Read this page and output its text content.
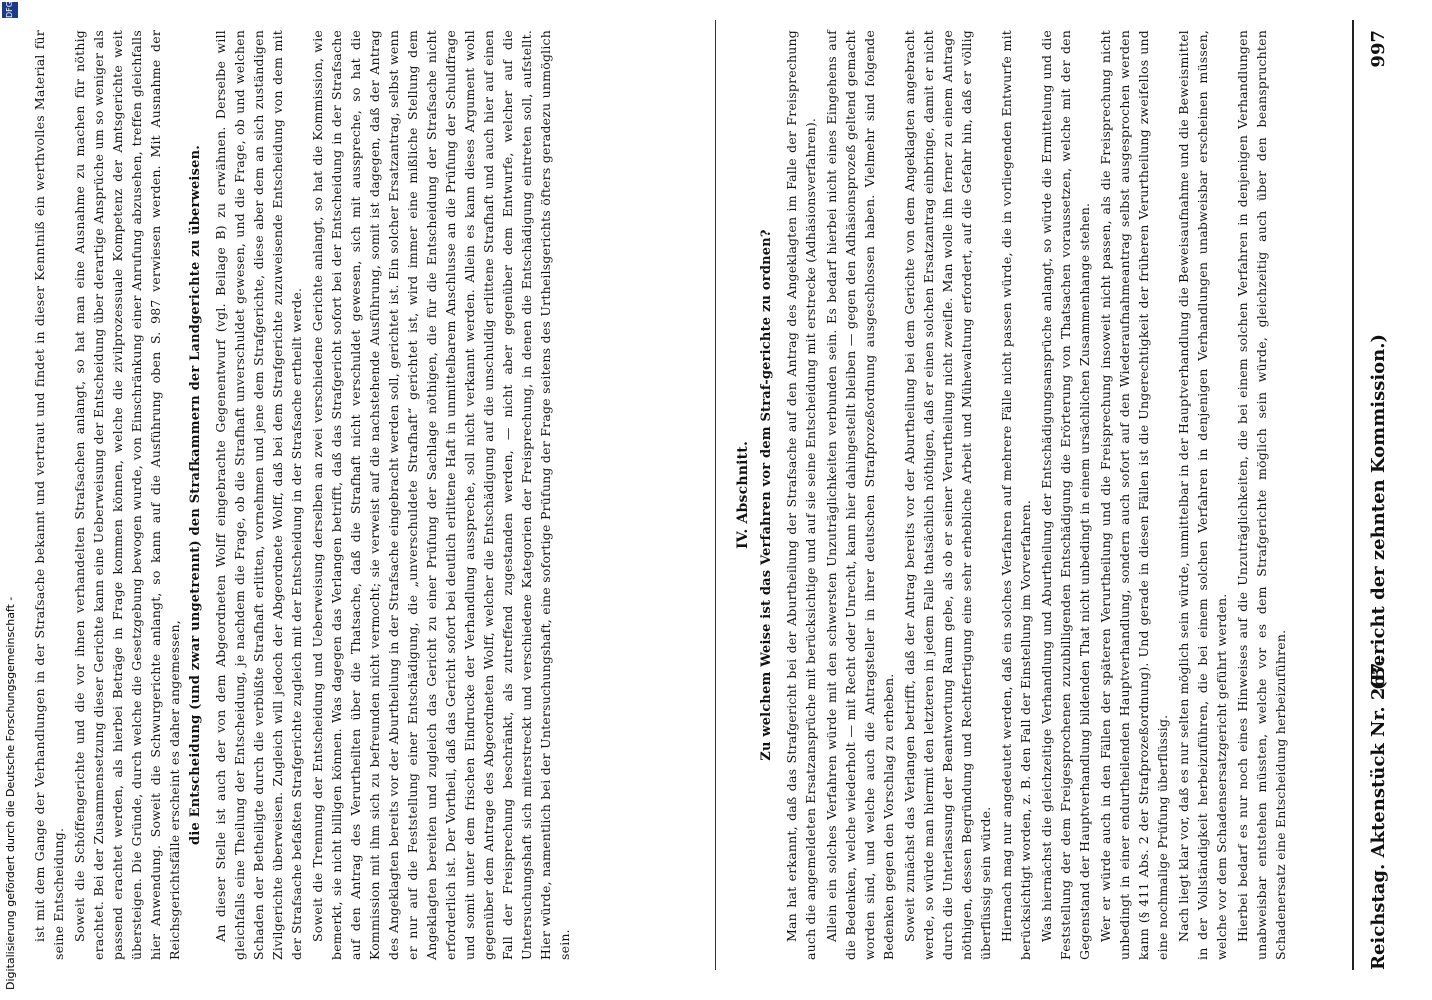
Digitalisierung gefördert durch die Deutsche Forschungsgemeinschaft -
DFG
Reichstag. Aktenstück Nr. 267.
(Bericht der zehnten Kommission.)
997

IV. Abschnitt. Zu welchem Weise ist das Verfahren vor dem Straf-gerichte zu ordnen? Man hat erkannt, daß das Strafgericht bei der Aburtheilung der Strafsache auf den Antrag des Angeklagten im Falle der Freisprechung auch die angemeldeten Ersatzansprüche mit berücksichtige und auf sie seine Entscheidung mit erstrecke (Adhäsionsverfahren). Allein ein solches Verfahren würde mit den schwersten Unzuträglichkeiten verbunden sein. Es bedarf hierbei nicht eines Eingehens auf die Bedenken, welche wiederholt — mit Recht oder Unrecht, kann hier dahingestellt bleiben — gegen den Adhäsionsprozeß geltend gemacht worden sind, und welche auch die Antragsteller in ihrer deutschen Strafprozeßordnung ausgeschlossen haben. Vielmehr sind folgende Bedenken gegen den Vorschlag zu erheben. Soweit zunächst das Verlangen betrifft, daß der Antrag bereits vor der Aburtheilung bei dem Gerichte von dem Angeklagten angebracht werde, so würde man hiermit den letzteren in jedem Falle thatsächlich nöthigen, daß er einen solchen Ersatzantrag einbringe, damit er nicht durch die Unterlassung der Beantwortung Raum gebe, als ob er seiner Verurtheilung nicht zweifle. Man wolle ihn ferner zu einem Antrage nöthigen, dessen Begründung und Rechtfertigung eine sehr erhebliche Arbeit und Mühewaltung erfordert, auf die Gefahr hin, daß er völlig überflüssig sein würde. Hiernach mag nur angedeutet werden, daß ein solches Verfahren auf mehrere Fälle nicht passen würde, die in vorliegenden Entwurfe mit berücksichtigt worden, z. B. den Fall der Einstellung im Vorverfahren. Was hiernächst die gleichzeitige Verhandlung und Aburtheilung der Entschädigungsansprüche anlangt, so würde die Ermittelung und die Feststellung der dem Freigesprochenen zuzubilligenden Entschädigung die Erörterung von Thatsachen voraussetzen, welche mit der den Gegenstand der Hauptverhandlung bildenden That nicht unbedingt in einem ursächlichen Zusammenhange stehen. Wer er würde auch in den Fällen der späteren Verurtheilung und die Freisprechung insoweit nicht passen, als die Freisprechung nicht unbedingt in einer endurtheilenden Hauptverhandlung, sondern auch sofort auf den Wiederaufnahmeantrag selbst ausgesprochen werden kann (§ 411 Abs. 2 der Strafprozeßordnung). Und gerade in diesen Fällen ist die Ungerechtigkeit der früheren Verurtheilung zweifellos und eine nochmalige Prüfung überflüssig. Nach liegt klar vor, daß es nur selten möglich sein würde, unmittelbar in der Hauptverhandlung die Beweisaufnahme und die Beweismittel in der Vollständigkeit herbeizuführen, die bei einem solchen Verfahren in denjenigen Verhandlungen unabweisbar erscheinen müssen, welche vor dem Schadensersatzgericht geführt werden. Hierbei bedarf es nur noch eines Hinweises auf die Unzuträglichkeiten, die bei einem solchen Verfahren in denjenigen Verhandlungen unabweisbar entstehen müssten, welche vor es dem Strafgerichte möglich sein würde, gleichzeitig auch über den beanspruchten Schadenersatz eine Entscheidung herbeizuführen.

ist mit dem Gange der Verhandlungen in der Strafsache bekannt und vertraut und findet in dieser Kenntniß ein werthvolles Material für seine Entscheidung. Soweit die Schöffengerichte und die vor ihnen verhandelten Strafsachen anlangt, so hat man eine Ausnahme zu machen für nöthig erachtet. Bei der Zusammensetzung dieser Gerichte kann eine Ueberweisung der Entscheidung über derartige Ansprüche um so weniger als passend erachtet werden, als hierbei Beträge in Frage kommen können, welche die zivilprozessuale Kompetenz der Amtsgerichte weit übersteigen. Die Gründe, durch welche die Gesetzgebung bewogen wurde, von Einschränkung einer Anrufung abzusehen, treffen gleichfalls hier Anwendung. Soweit die Schwurgerichte anlangt, so kann auf die Ausführung oben S. 987 verwiesen werden. Mit Ausnahme der Reichsgerichtsfälle erscheint es daher angemessen, die Entscheidung (und zwar ungetrennt) den Strafkammern der Landgerichte zu überweisen. An dieser Stelle ist auch der von dem Abgeordneten Wolff eingebrachte Gegenentwurf (vgl. Beilage B) zu erwähnen. Derselbe will gleichfalls eine Theilung der Entscheidung, je nachdem die Frage, ob die Strafhaft unverschuldet gewesen, und die Frage, ob und welchen Schaden der Betheiligte durch die verbüßte Strafhaft erlitten, vornehmen und jene dem Strafgerichte, diese aber dem an sich zuständigen Zivilgerichte überweisen. Zugleich will jedoch der Abgeordnete Wolff, daß bei dem Strafgerichte zuzuweisende Entscheidung von dem mit der Strafsache befaßten Strafgerichte zugleich mit der Entscheidung in der Strafsache ertheilt werde. Soweit die Trennung der Entscheidung und Ueberweisung derselben an zwei verschiedene Gerichte anlangt, so hat die Kommission, wie bemerkt, sie nicht billigen können. Was dagegen das Verlangen betrifft, daß das Strafgericht sofort bei der Entscheidung in der Strafsache auf den Antrag des Verurtheilten über die Thatsache, daß die Strafhaft nicht verschuldet gewesen, sich mit ausspreche, so hat die Kommission mit ihm sich zu befreunden nicht vermocht; sie verweist auf die nachstehende Ausführung, somit ist dagegen, daß der Antrag des Angeklagten bereits vor der Aburtheilung in der Strafsache eingebracht werden soll, gerichtet ist. Ein solcher Ersatzantrag, selbst wenn er nur auf die Feststellung einer Entschädigung, die „unverschuldete Strafhaft“ gerichtet ist, wird immer eine mißliche Stellung dem Angeklagten bereiten und zugleich das Gericht zu einer Prüfung der Sachlage nöthigen, die für die Entscheidung der Strafsache nicht erforderlich ist. Der Vortheil, daß das Gericht sofort bei deutlich erlittene Haft in unmittelbarem Anschlusse an die Prüfung der Schuldfrage und somit unter dem frischen Eindrucke der Verhandlung ausspreche, soll nicht verkannt werden. Allein es kann dieses Argument wohl gegenüber dem Antrage des Abgeordneten Wolff, welcher die Entschädigung auf die unschuldig erlittene Strafhaft und auch hier auf einen Fall der Freisprechung beschränkt, als zutreffend zugestanden werden, — nicht aber gegenüber dem Entwurfe, welcher auf die Untersuchungshaft sich miterstreckt und verschiedene Kategorien der Freisprechung, in denen die Entschädigung eintreten soll, aufstellt. Hier würde, namentlich bei der Untersuchungshaft, eine sofortige Prüfung der Frage seitens des Urtheilsgerichts öfters geradezu unmöglich sein.
